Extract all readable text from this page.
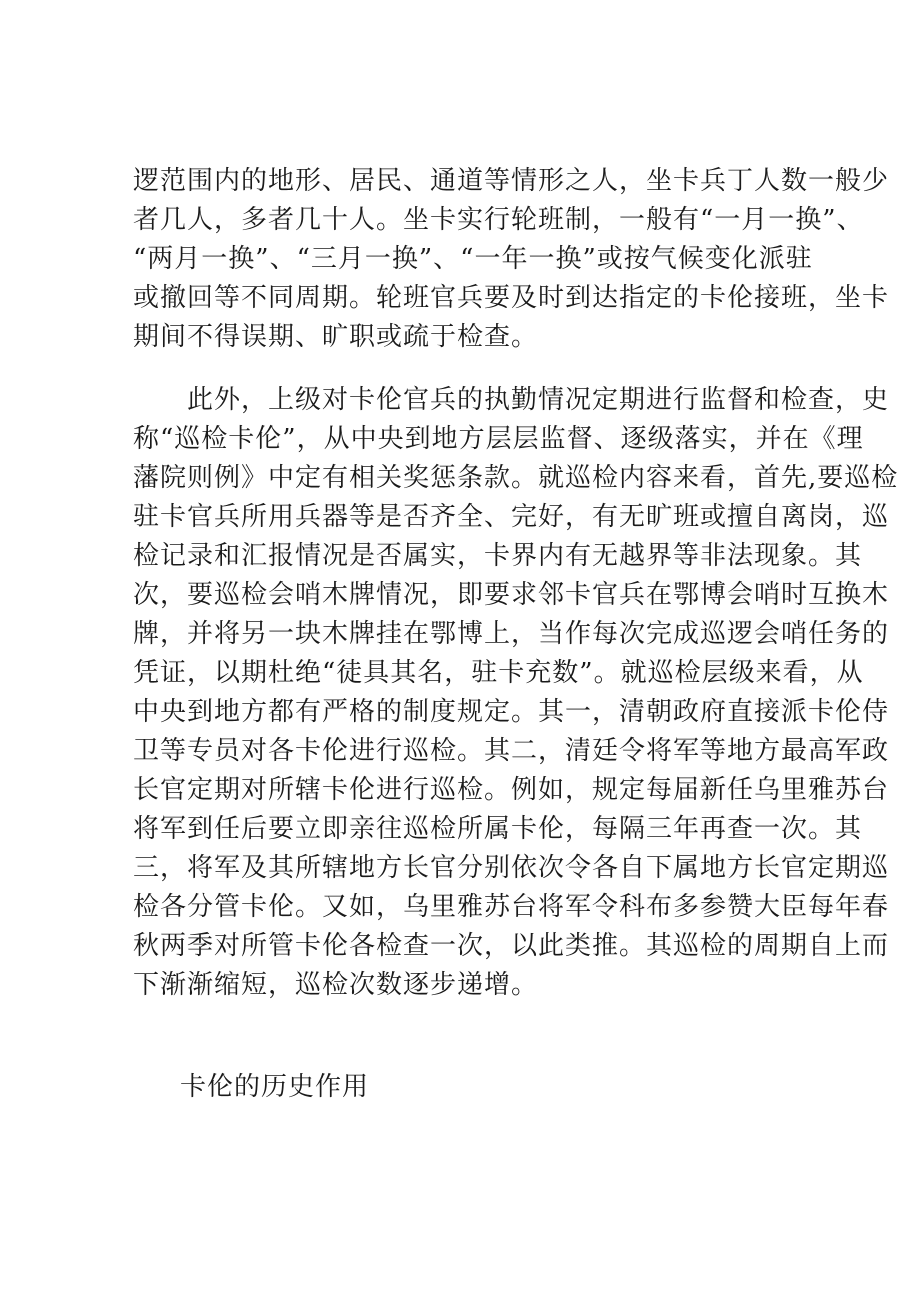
逻范围内的地形、居民、通道等情形之人，坐卡兵丁人数一般少
者几人，多者几十人。坐卡实行轮班制，一般有“一月一换”、
“两月一换”、“三月一换”、“一年一换”或按气候变化派驻
或撤回等不同周期。轮班官兵要及时到达指定的卡伦接班，坐卡
期间不得误期、旷职或疏于检查。
　　此外，上级对卡伦官兵的执勤情况定期进行监督和检查，史
称“巡检卡伦”，从中央到地方层层监督、逐级落实，并在《理
藩院则例》中定有相关奖惩条款。就巡检内容来看，首先,要巡检
驻卡官兵所用兵器等是否齐全、完好，有无旷班或擅自离岗，巡
检记录和汇报情况是否属实，卡界内有无越界等非法现象。其
次，要巡检会哨木牌情况，即要求邻卡官兵在鄂博会哨时互换木
牌，并将另一块木牌挂在鄂博上，当作每次完成巡逻会哨任务的
凭证，以期杜绝“徒具其名，驻卡充数”。就巡检层级来看，从
中央到地方都有严格的制度规定。其一，清朝政府直接派卡伦侍
卫等专员对各卡伦进行巡检。其二，清廷令将军等地方最高军政
长官定期对所辖卡伦进行巡检。例如，规定每届新任乌里雅苏台
将军到任后要立即亲往巡检所属卡伦，每隔三年再查一次。其
三，将军及其所辖地方长官分别依次令各自下属地方长官定期巡
检各分管卡伦。又如，乌里雅苏台将军令科布多参赞大臣每年春
秋两季对所管卡伦各检查一次，以此类推。其巡检的周期自上而
下渐渐缩短，巡检次数逐步递增。
卡伦的历史作用
